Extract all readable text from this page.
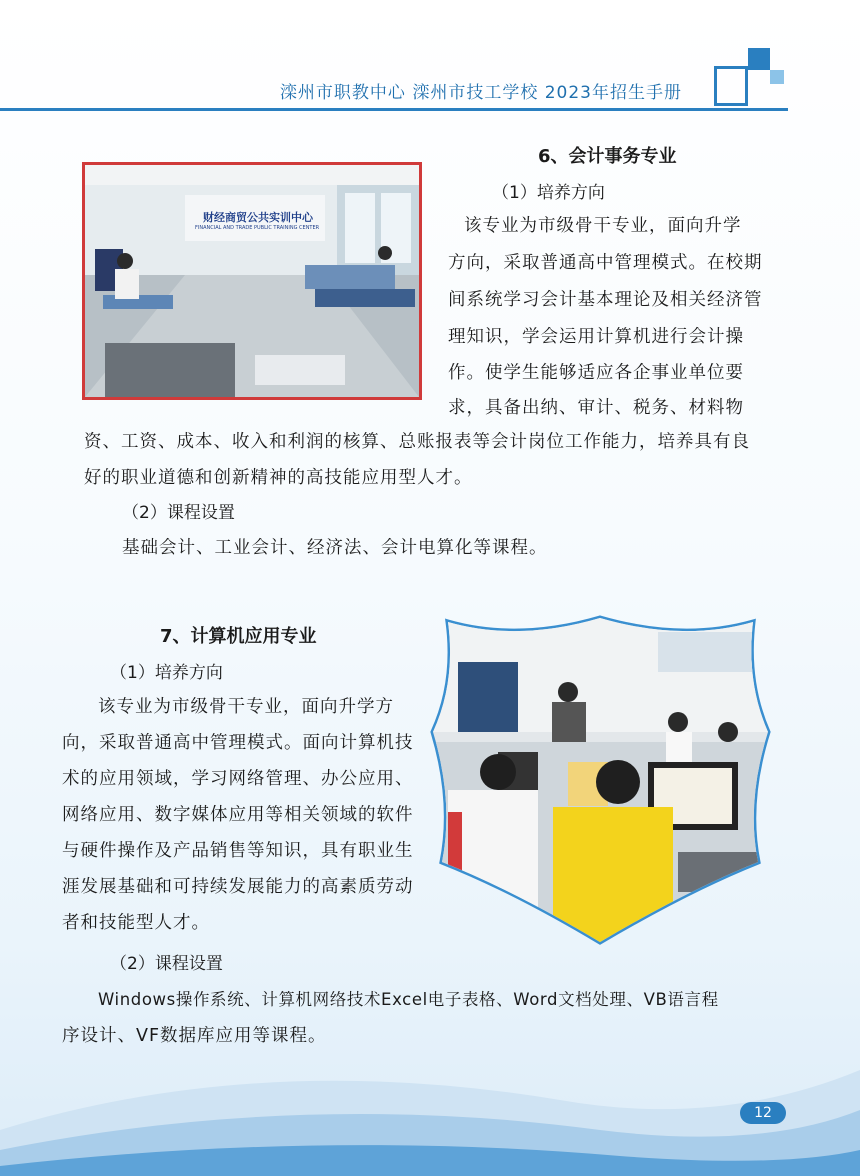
滦州市职教中心 滦州市技工学校 2023年招生手册
财经商贸公共实训中心
FINANCIAL AND TRADE PUBLIC TRAINING CENTER
6、会计事务专业
（1）培养方向
该专业为市级骨干专业，面向升学
方向，采取普通高中管理模式。在校期
间系统学习会计基本理论及相关经济管
理知识，学会运用计算机进行会计操
作。使学生能够适应各企事业单位要
求，具备出纳、审计、税务、材料物
资、工资、成本、收入和利润的核算、总账报表等会计岗位工作能力，培养具有良
好的职业道德和创新精神的高技能应用型人才。
（2）课程设置
基础会计、工业会计、经济法、会计电算化等课程。
7、计算机应用专业
（1）培养方向
该专业为市级骨干专业，面向升学方
向，采取普通高中管理模式。面向计算机技
术的应用领域，学习网络管理、办公应用、
网络应用、数字媒体应用等相关领域的软件
与硬件操作及产品销售等知识，具有职业生
涯发展基础和可持续发展能力的高素质劳动
者和技能型人才。
（2）课程设置
Windows操作系统、计算机网络技术Excel电子表格、Word文档处理、VB语言程
序设计、VF数据库应用等课程。
12
